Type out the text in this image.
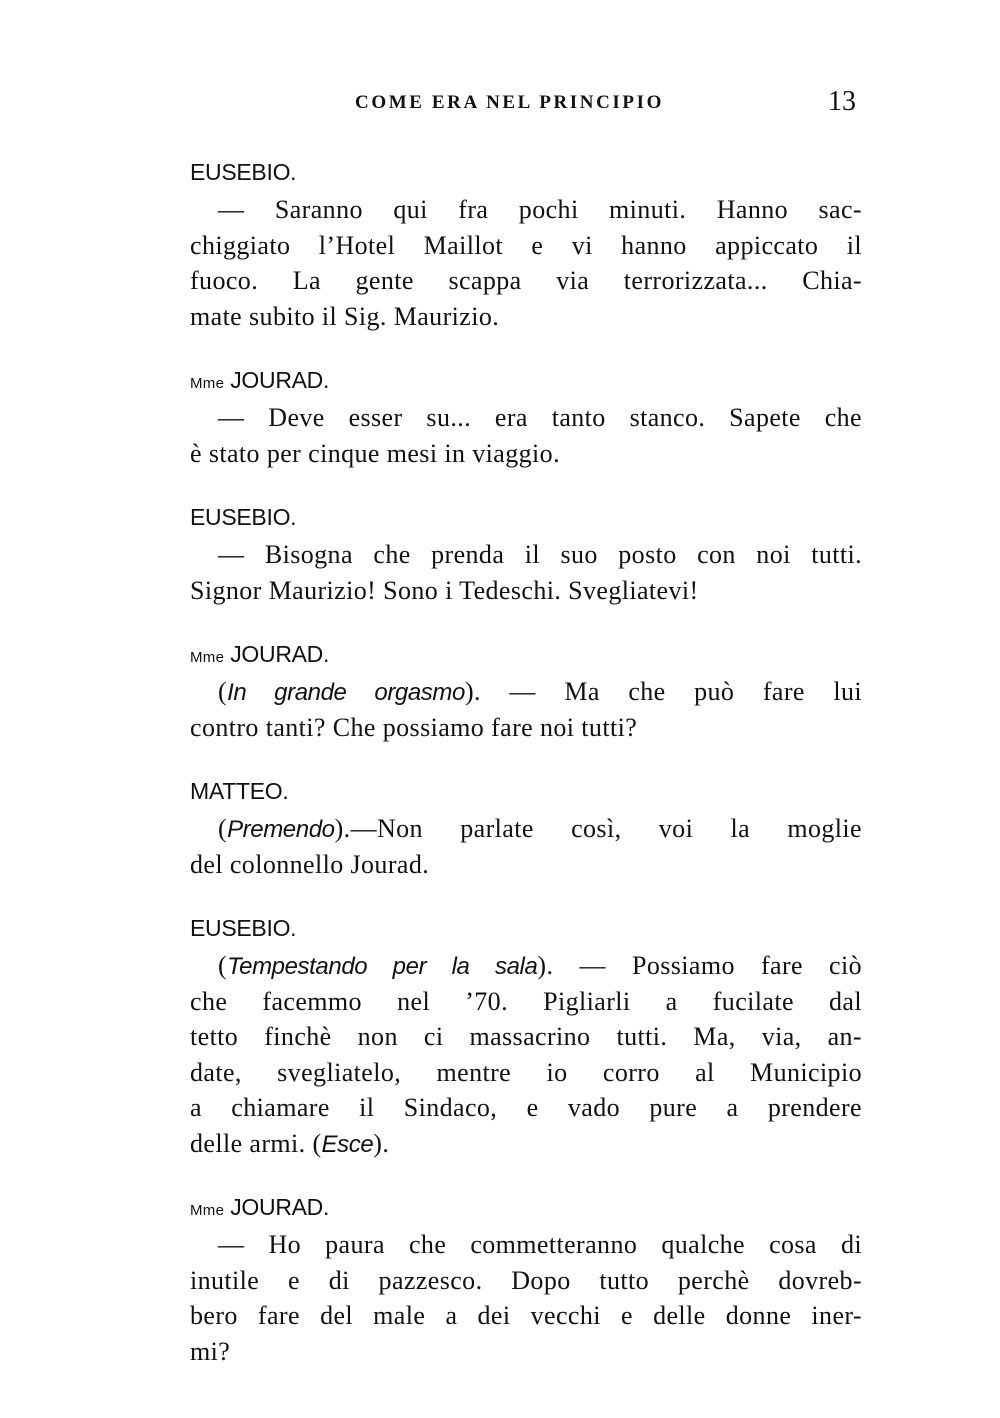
COME ERA NEL PRINCIPIO	13
EUSEBIO.
— Saranno qui fra pochi minuti. Hanno sac-
chiggiato l’Hotel Maillot e vi hanno appiccato il
fuoco. La gente scappa via terrorizzata... Chia-
mate subito il Sig. Maurizio.
Mme JOURAD.
— Deve esser su... era tanto stanco. Sapete che
è stato per cinque mesi in viaggio.
EUSEBIO.
— Bisogna che prenda il suo posto con noi tutti.
Signor Maurizio! Sono i Tedeschi. Svegliatevi!
Mme JOURAD.
(In grande orgasmo). — Ma che può fare lui
contro tanti? Che possiamo fare noi tutti?
MATTEO.
(Premendo).—Non parlate così, voi la moglie
del colonnello Jourad.
EUSEBIO.
(Tempestando per la sala). — Possiamo fare ciò
che facemmo nel ’70. Pigliarli a fucilate dal
tetto finchè non ci massacrino tutti. Ma, via, an-
date, svegliatelo, mentre io corro al Municipio
a chiamare il Sindaco, e vado pure a prendere
delle armi. (Esce).
Mme JOURAD.
— Ho paura che commetteranno qualche cosa di
inutile e di pazzesco. Dopo tutto perchè dovreb-
bero fare del male a dei vecchi e delle donne iner-
mi?
